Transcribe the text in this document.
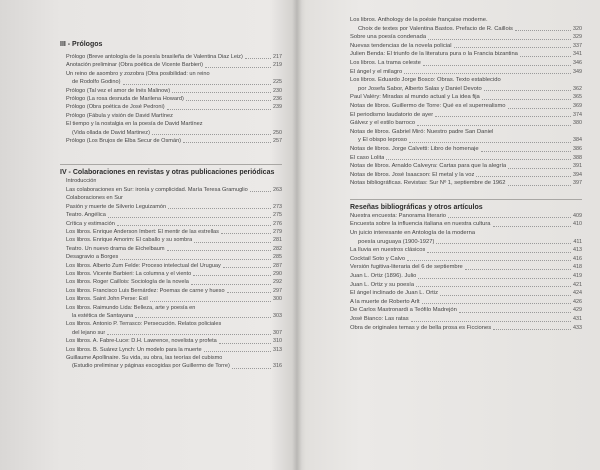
III - Prólogos
Prólogo (Breve antología de la poesía brasileña de Valentina Diaz Leiz)	217
Anotación preliminar (Obra poética de Vicente Barbieri)	219
Un reino de asombro y zozobra (Otra posibilidad: un reino
de Rodolfo Godino)	225
Prólogo (Tal vez el amor de Inés Malinow)	230
Prólogo (La rosa desnuda de Marilena Howard)	236
Prólogo (Obra poética de José Pedroni)	239
Prólogo (Fábula y visión de David Martínez
El tiempo y la nostalgia en la poesía de David Martínez
(Vida ollada de David Martinez)	250
Prólogo (Los Brujos de Elba Secur de Osmán)	257
IV - Colaboraciones en revistas y otras publicaciones periódicas
Introducción
Las colaboraciones en Sur: ironía y complicidad. María Teresa Gramuglio	263
Colaboraciones en Sur
Pasión y muerte de Silverio Leguizamón	273
Teatro. Angélica	275
Crítica y estimación	276
Los libros. Enrique Anderson Imbert: El mentir de las estrellas	279
Los libros. Enrique Amorim: El caballo y su sombra	281
Teatro. Un nuevo drama de Eichelbaum	282
Desagravio a Borges	285
Los libros. Alberto Zum Felde: Proceso intelectual del Uruguay	287
Los libros. Vicente Barbieri: La columna y el viento	290
Los libros. Roger Caillois: Sociología de la novela	292
Los libros. Francisco Luis Bernárdez: Poemas de carne y hueso	297
Los libros. Saint John Perse: Exil	300
Los libros. Raimundo Lida: Belleza, arte y poesía en
la estética de Santayana	303
Los libros. Antonio P. Terrasco: Persecución. Relatos policiales
del lejano sur	307
Los libros. A. Fabre-Luce: D.H. Lawrence, novelista y profeta	310
Los libros. B. Suárez Lynch: Un modelo para la muerte	313
Guillaume Apollinaire. Su vida, su obra, las teorías del cubismo
(Estudio preliminar y páginas escogidas por Guillermo de Torre)	316
Los libros. Anthology de la poésie française moderne.
Choix de textes por Valentina Bastos. Prefacio de R. Caillois	320
Sobre una poesía condenada	329
Nuevas tendencias de la novela policial	337
Julien Benda: El triunfo de la literatura pura o la Francia bizantina	341
Los libros. La trama celeste	346
El ángel y el milagro	349
Los libros. Eduardo Jorge Bosco: Obras. Texto establecido
por Josefa Sabor, Alberto Salas y Daniel Devoto	362
Paul Valéry: Miradas al mundo actual y La idea fija	365
Notas de libros. Guillermo de Torre: Qué es el superrealismo	369
El periodismo laudatorio de ayer	374
Gálvez y el estilo barroco	380
Notas de libros. Gabriel Miró: Nuestro padre San Daniel
y El obispo leproso	384
Notas de libros. Jorge Calvetti: Libro de homenaje	386
El caso Lolita	388
Notas de libros. Arnaldo Calveyra: Cartas para que la alegría	391
Notas de libros. José Isaacson: El metal y la voz	394
Notas bibliográficas. Revistas: Sur Nº 1, septiembre de 1962	397
Reseñas bibliográficas y otros artículos
Nuestra encuesta: Panorama literario	409
Encuesta sobre la influencia italiana en nuestra cultura	410
Un juicio interesante en Antología de la moderna
poesía uruguaya (1900-1927)	411
La lluvia en nuestros clásicos	413
Cocktail Soto y Calvo	416
Versión fugitiva-literaria del 6 de septiembre	418
Juan L. Ortiz (1896). Julio	419
Juan L. Ortiz y su poesía	421
El ángel inclinado de Juan L. Ortiz	424
A la muerte de Roberto Arlt	426
De Carlos Mastronardi a Teófilo Madrejón	429
José Bianco: Las ratas	431
Obra de originales temas y de bella prosa es Ficciones	433
